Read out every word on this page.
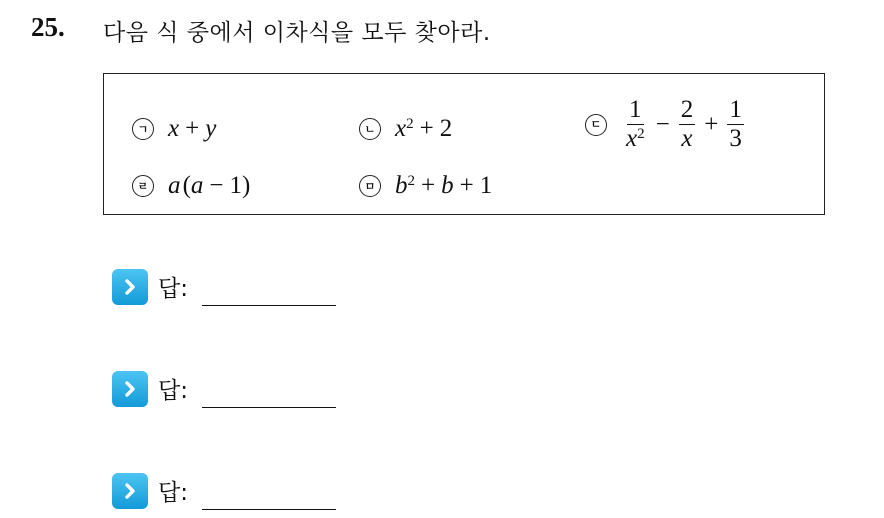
25. 다음 식 중에서 이차식을 모두 찾아라.
ㄱ x + y	ㄴ $x^2 + 2$	ㄷ $\frac{1}{x^2} - \frac{2}{x} + \frac{1}{3}$
ㄹ a (a − 1)	ㅁ $b^2 + b + 1$
답:
답:
답:
